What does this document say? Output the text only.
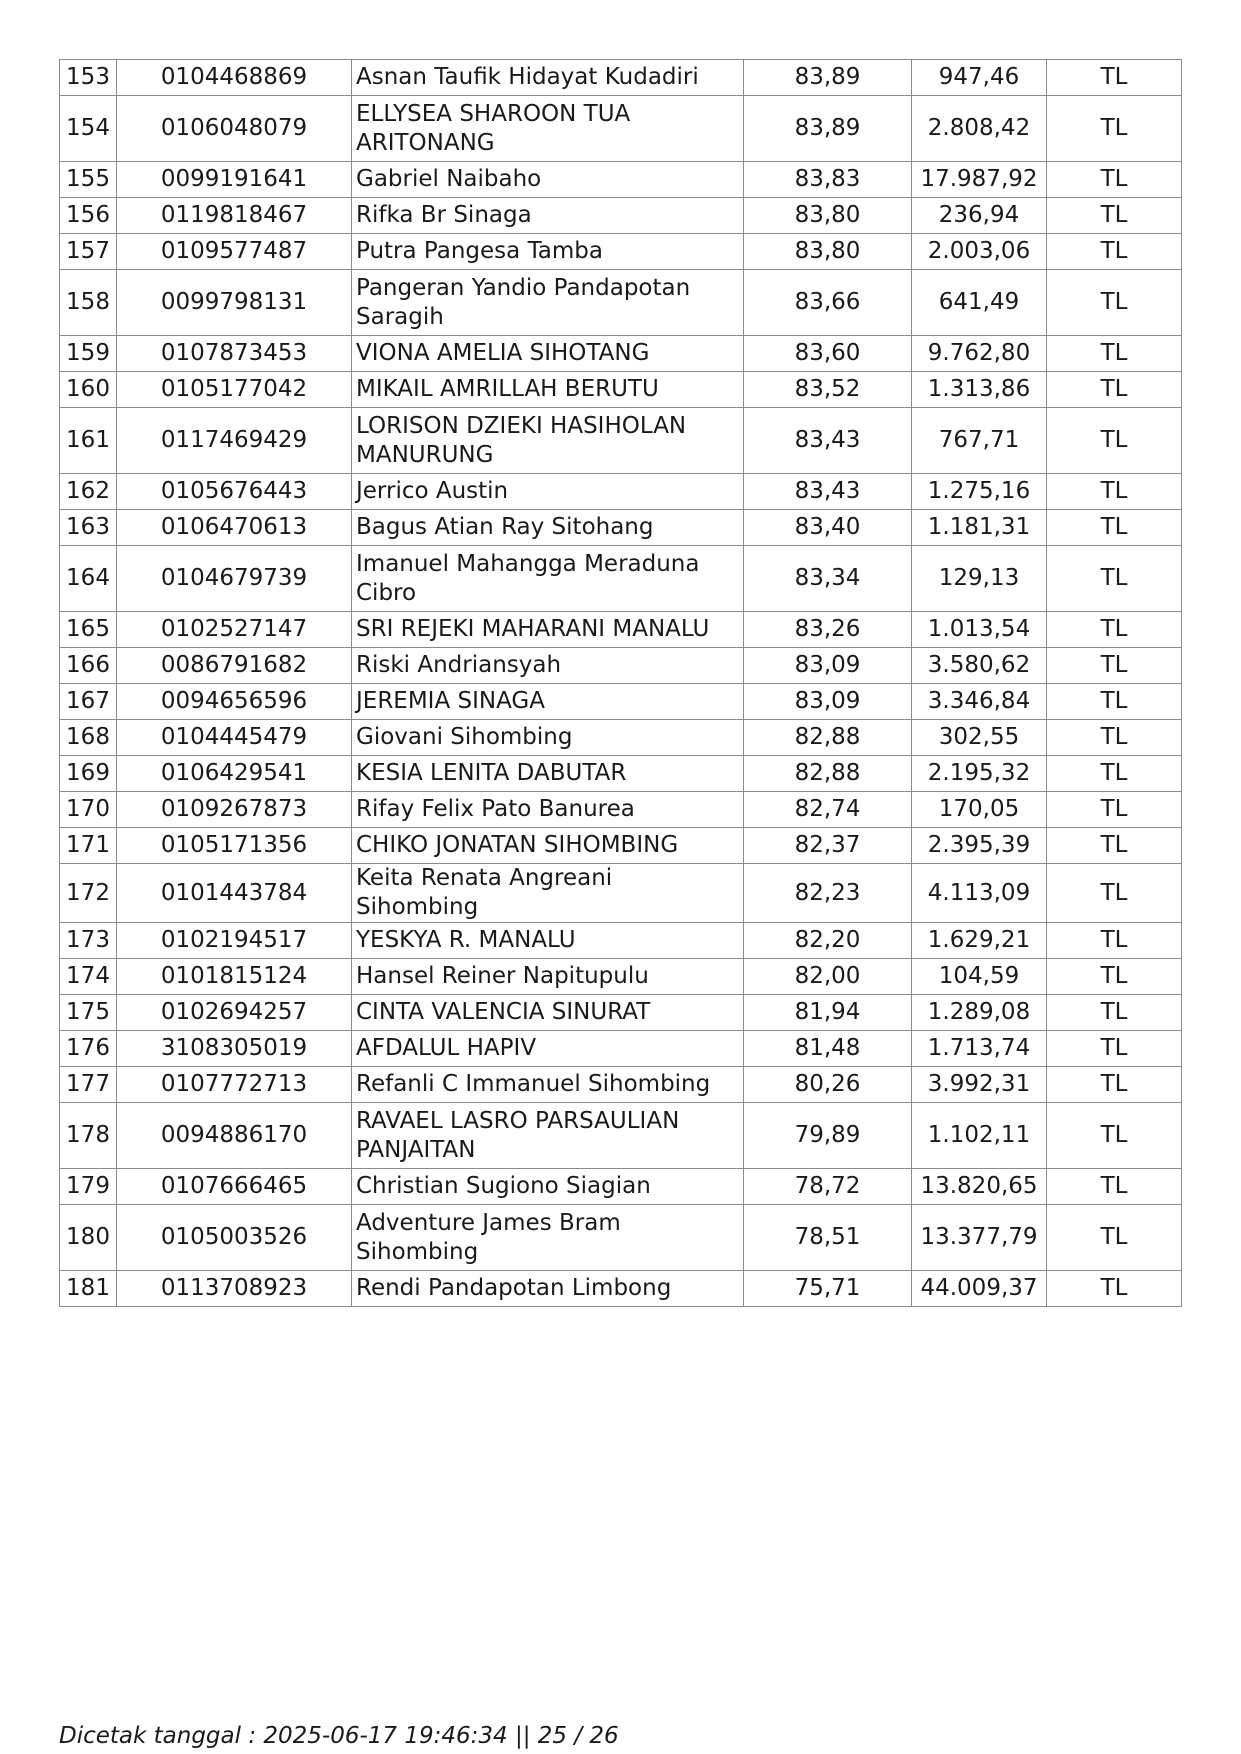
153	0104468869	Asnan Taufik Hidayat Kudadiri	83,89	947,46	TL
154	0106048079	ELLYSEA SHAROON TUA ARITONANG	83,89	2.808,42	TL
155	0099191641	Gabriel Naibaho	83,83	17.987,92	TL
156	0119818467	Rifka Br Sinaga	83,80	236,94	TL
157	0109577487	Putra Pangesa Tamba	83,80	2.003,06	TL
158	0099798131	Pangeran Yandio Pandapotan Saragih	83,66	641,49	TL
159	0107873453	VIONA AMELIA SIHOTANG	83,60	9.762,80	TL
160	0105177042	MIKAIL AMRILLAH BERUTU	83,52	1.313,86	TL
161	0117469429	LORISON DZIEKI HASIHOLAN MANURUNG	83,43	767,71	TL
162	0105676443	Jerrico Austin	83,43	1.275,16	TL
163	0106470613	Bagus Atian Ray Sitohang	83,40	1.181,31	TL
164	0104679739	Imanuel Mahangga Meraduna Cibro	83,34	129,13	TL
165	0102527147	SRI REJEKI MAHARANI MANALU	83,26	1.013,54	TL
166	0086791682	Riski Andriansyah	83,09	3.580,62	TL
167	0094656596	JEREMIA SINAGA	83,09	3.346,84	TL
168	0104445479	Giovani Sihombing	82,88	302,55	TL
169	0106429541	KESIA LENITA DABUTAR	82,88	2.195,32	TL
170	0109267873	Rifay Felix Pato Banurea	82,74	170,05	TL
171	0105171356	CHIKO JONATAN SIHOMBING	82,37	2.395,39	TL
172	0101443784	Keita Renata Angreani Sihombing	82,23	4.113,09	TL
173	0102194517	YESKYA R. MANALU	82,20	1.629,21	TL
174	0101815124	Hansel Reiner Napitupulu	82,00	104,59	TL
175	0102694257	CINTA VALENCIA SINURAT	81,94	1.289,08	TL
176	3108305019	AFDALUL HAPIV	81,48	1.713,74	TL
177	0107772713	Refanli C Immanuel Sihombing	80,26	3.992,31	TL
178	0094886170	RAVAEL LASRO PARSAULIAN PANJAITAN	79,89	1.102,11	TL
179	0107666465	Christian Sugiono Siagian	78,72	13.820,65	TL
180	0105003526	Adventure James Bram Sihombing	78,51	13.377,79	TL
181	0113708923	Rendi Pandapotan Limbong	75,71	44.009,37	TL
Dicetak tanggal : 2025-06-17 19:46:34 || 25 / 26
